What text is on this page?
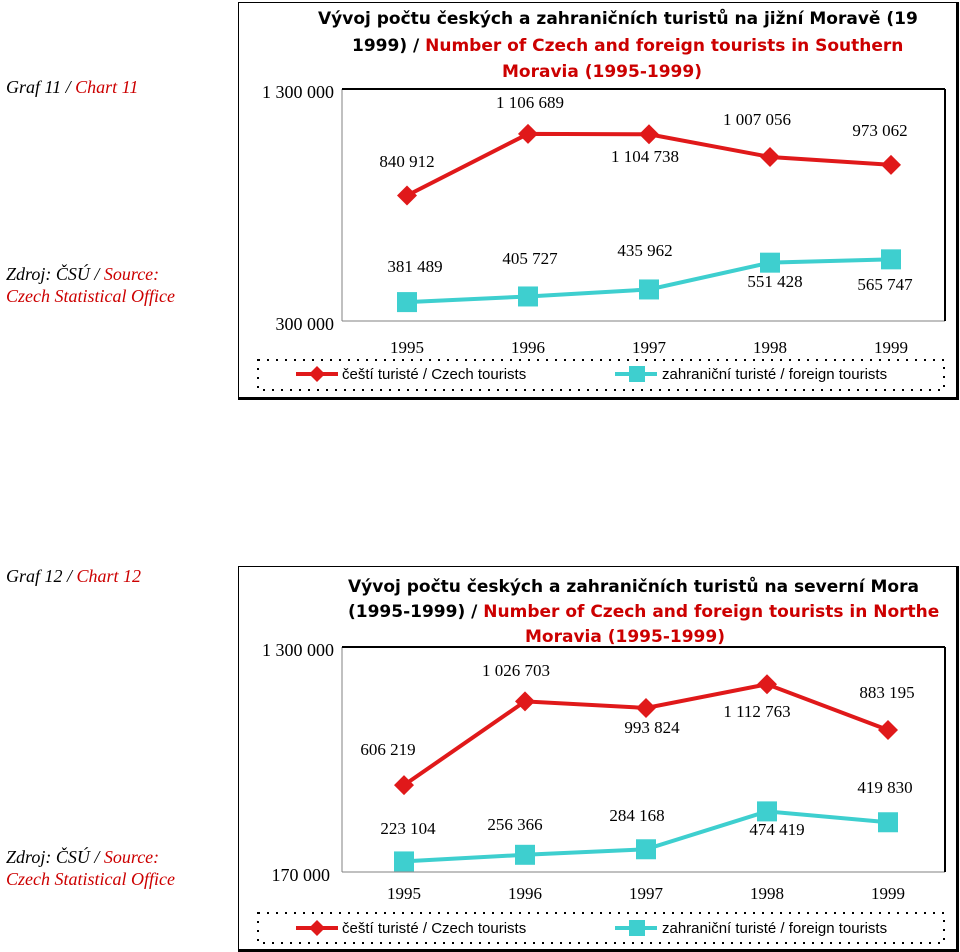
Graf 11 / Chart 11
Zdroj: ČSÚ / Source:
Czech Statistical Office
Graf 12 / Chart 12
Zdroj: ČSÚ / Source:
Czech Statistical Office
Vývoj počtu českých a zahraničních turistů na jižní Moravě (19
1999) / Number of Czech and foreign tourists in Southern
Moravia (1995-1999)
1 300 000
300 000
Vývoj počtu českých a zahraničních turistů na severní Mora
(1995-1999) / Number of Czech and foreign tourists in Northe
Moravia (1995-1999)
1 300 000
170 000
1995	1996	1997	1998	1999
840 912
1 106 689
1 104 738
1 007 056
973 062
381 489	405 727	435 962
551 428	565 747
čeští turisté / Czech tourists	zahraniční turisté / foreign tourists
1995	1996	1997	1998	1999
606 219
1 026 703
993 824
1 112 763
883 195
223 104	256 366	284 168
474 419
419 830
čeští turisté / Czech tourists	zahraniční turisté / foreign tourists
